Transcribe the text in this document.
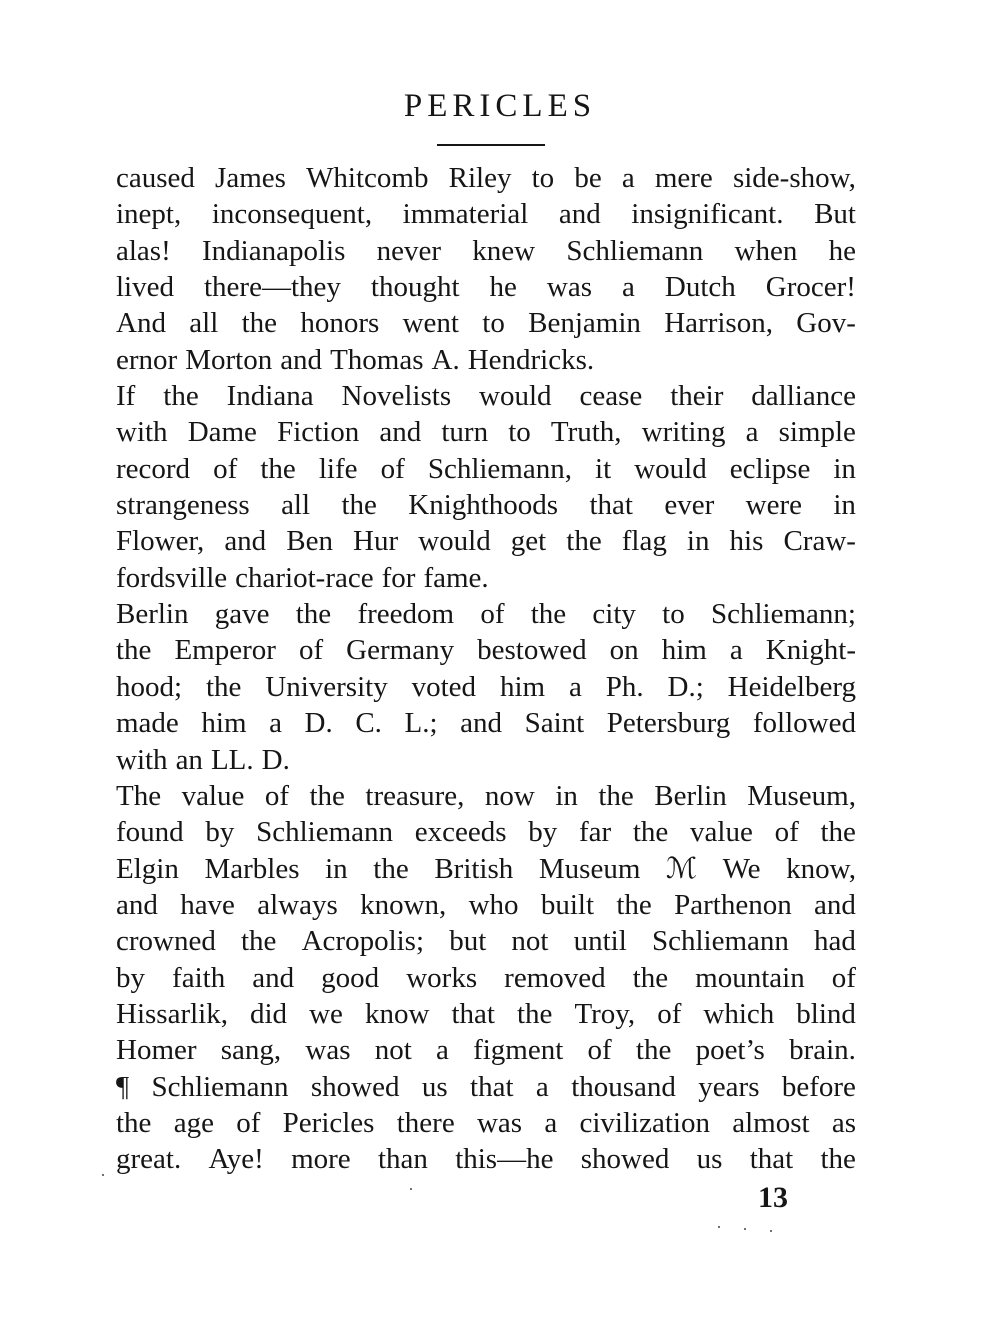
PERICLES
caused James Whitcomb Riley to be a mere side-show,
inept, inconsequent, immaterial and insignificant. But
alas! Indianapolis never knew Schliemann when he
lived there—they thought he was a Dutch Grocer!
And all the honors went to Benjamin Harrison, Gov-
ernor Morton and Thomas A. Hendricks.
If the Indiana Novelists would cease their dalliance
with Dame Fiction and turn to Truth, writing a simple
record of the life of Schliemann, it would eclipse in
strangeness all the Knighthoods that ever were in
Flower, and Ben Hur would get the flag in his Craw-
fordsville chariot-race for fame.
Berlin gave the freedom of the city to Schliemann;
the Emperor of Germany bestowed on him a Knight-
hood; the University voted him a Ph. D.; Heidelberg
made him a D. C. L.; and Saint Petersburg followed
with an LL. D.
The value of the treasure, now in the Berlin Museum,
found by Schliemann exceeds by far the value of the
Elgin Marbles in the British Museum ℳ We know,
and have always known, who built the Parthenon and
crowned the Acropolis; but not until Schliemann had
by faith and good works removed the mountain of
Hissarlik, did we know that the Troy, of which blind
Homer sang, was not a figment of the poet’s brain.
¶ Schliemann showed us that a thousand years before
the age of Pericles there was a civilization almost as
great. Aye! more than this—he showed us that the
13
